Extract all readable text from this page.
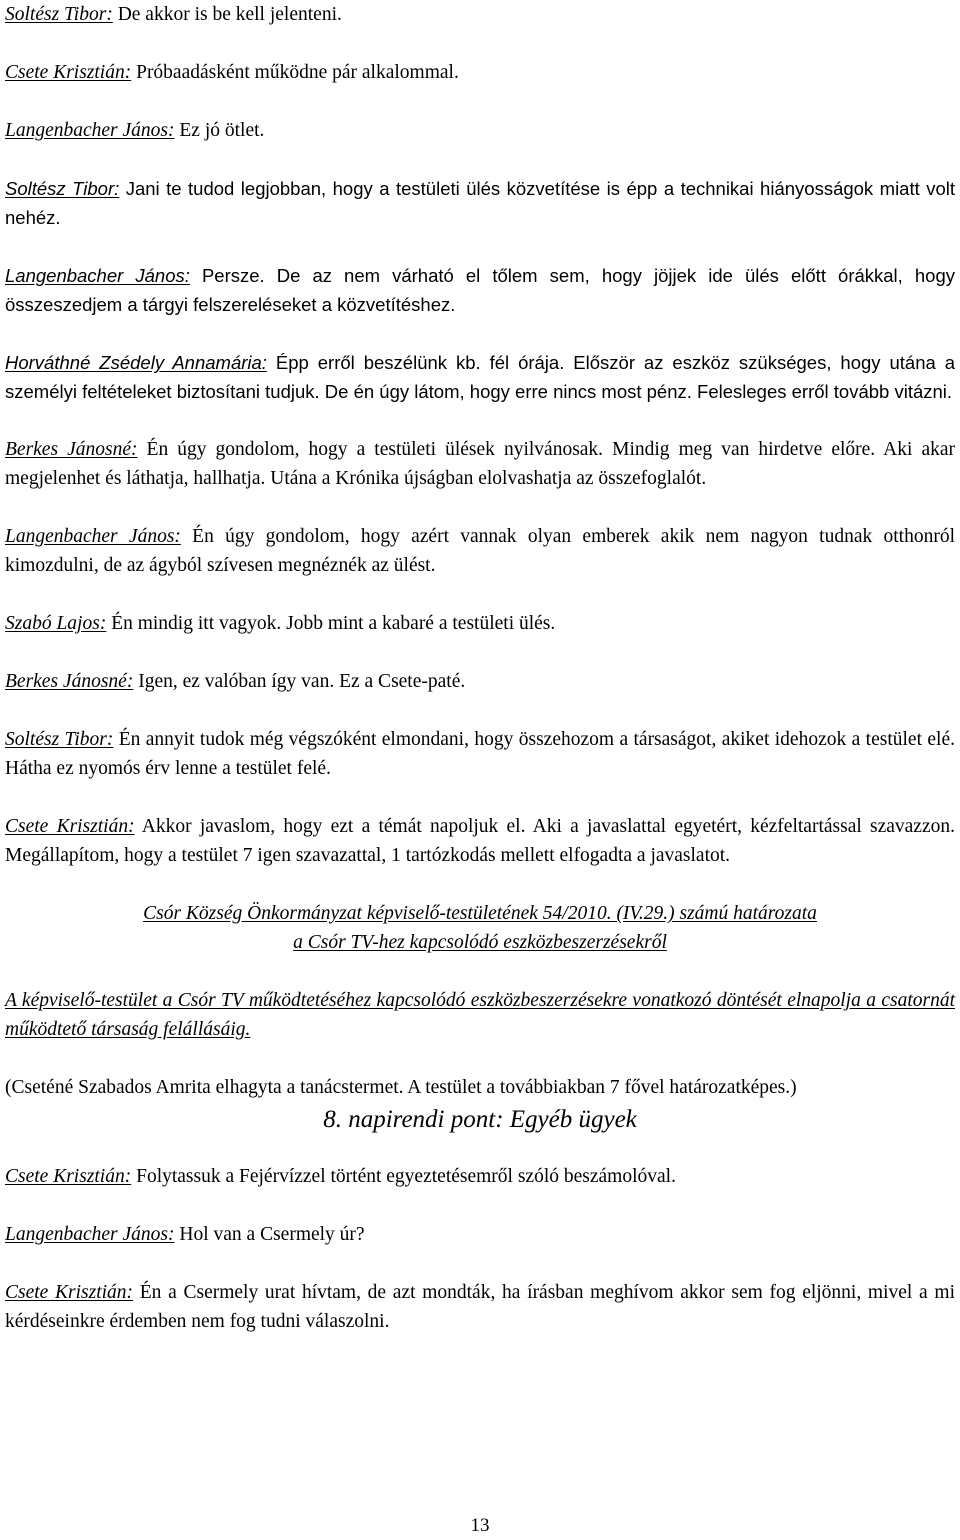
Soltész Tibor: De akkor is be kell jelenteni.

Csete Krisztián: Próbaadásként működne pár alkalommal.

Langenbacher János: Ez jó ötlet.

Soltész Tibor: Jani te tudod legjobban, hogy a testületi ülés közvetítése is épp a technikai hiányosságok miatt volt nehéz.

Langenbacher János: Persze. De az nem várható el tőlem sem, hogy jöjjek ide ülés előtt órákkal, hogy összeszedjem a tárgyi felszereléseket a közvetítéshez.

Horváthné Zsédely Annamária: Épp erről beszélünk kb. fél órája. Először az eszköz szükséges, hogy utána a személyi feltételeket biztosítani tudjuk. De én úgy látom, hogy erre nincs most pénz. Felesleges erről tovább vitázni.

Berkes Jánosné: Én úgy gondolom, hogy a testületi ülések nyilvánosak. Mindig meg van hirdetve előre. Aki akar megjelenhet és láthatja, hallhatja. Utána a Krónika újságban elolvashatja az összefoglalót.

Langenbacher János: Én úgy gondolom, hogy azért vannak olyan emberek akik nem nagyon tudnak otthonról kimozdulni, de az ágyból szívesen megnéznék az ülést.

Szabó Lajos: Én mindig itt vagyok. Jobb mint a kabaré a testületi ülés.

Berkes Jánosné: Igen, ez valóban így van. Ez a Csete-paté.

Soltész Tibor: Én annyit tudok még végszóként elmondani, hogy összehozom a társaságot, akiket idehozok a testület elé. Hátha ez nyomós érv lenne a testület felé.

Csete Krisztián: Akkor javaslom, hogy ezt a témát napoljuk el. Aki a javaslattal egyetért, kézfeltartással szavazzon. Megállapítom, hogy a testület 7 igen szavazattal, 1 tartózkodás mellett elfogadta a javaslatot.

Csór Község Önkormányzat képviselő-testületének 54/2010. (IV.29.) számú határozata
a Csór TV-hez kapcsolódó eszközbeszerzésekről

A képviselő-testület a Csór TV működtetéséhez kapcsolódó eszközbeszerzésekre vonatkozó döntését elnapolja a csatornát működtető társaság felállásáig.

(Cseténé Szabados Amrita elhagyta a tanácstermet. A testület a továbbiakban 7 fővel határozatképes.)

8. napirendi pont: Egyéb ügyek

Csete Krisztián: Folytassuk a Fejérvízzel történt egyeztetésemről szóló beszámolóval.

Langenbacher János: Hol van a Csermely úr?

Csete Krisztián: Én a Csermely urat hívtam, de azt mondták, ha írásban meghívom akkor sem fog eljönni, mivel a mi kérdéseinkre érdemben nem fog tudni válaszolni.

13
